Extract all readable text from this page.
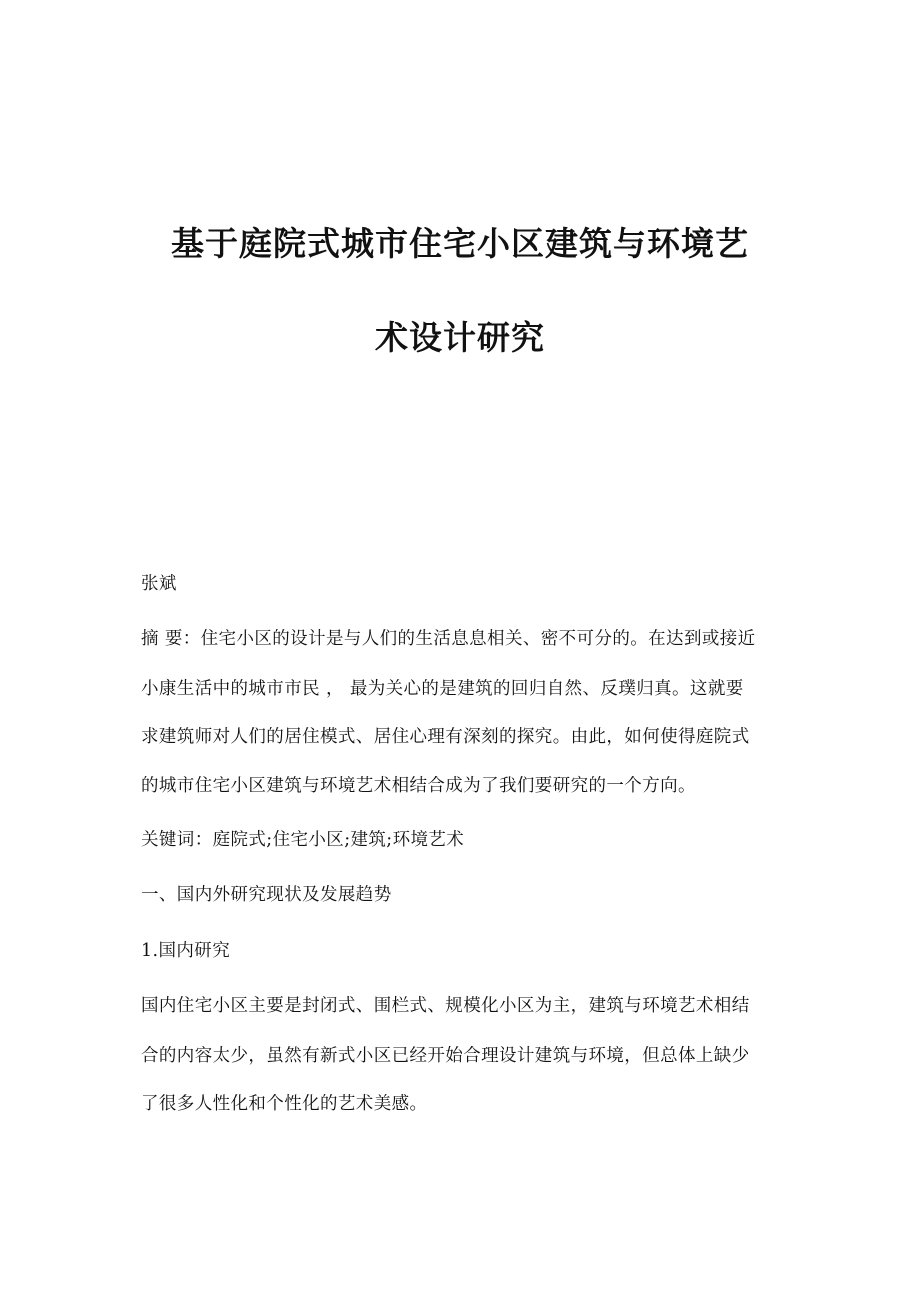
基于庭院式城市住宅小区建筑与环境艺
术设计研究

张斌

摘 要：住宅小区的设计是与人们的生活息息相关、密不可分的。在达到或接近

小康生活中的城市市民 ， 最为关心的是建筑的回归自然、反璞归真。这就要

求建筑师对人们的居住模式、居住心理有深刻的探究。由此，如何使得庭院式

的城市住宅小区建筑与环境艺术相结合成为了我们要研究的一个方向。

关键词：庭院式;住宅小区;建筑;环境艺术

一、国内外研究现状及发展趋势

1.国内研究

国内住宅小区主要是封闭式、围栏式、规模化小区为主，建筑与环境艺术相结

合的内容太少，虽然有新式小区已经开始合理设计建筑与环境，但总体上缺少

了很多人性化和个性化的艺术美感。
